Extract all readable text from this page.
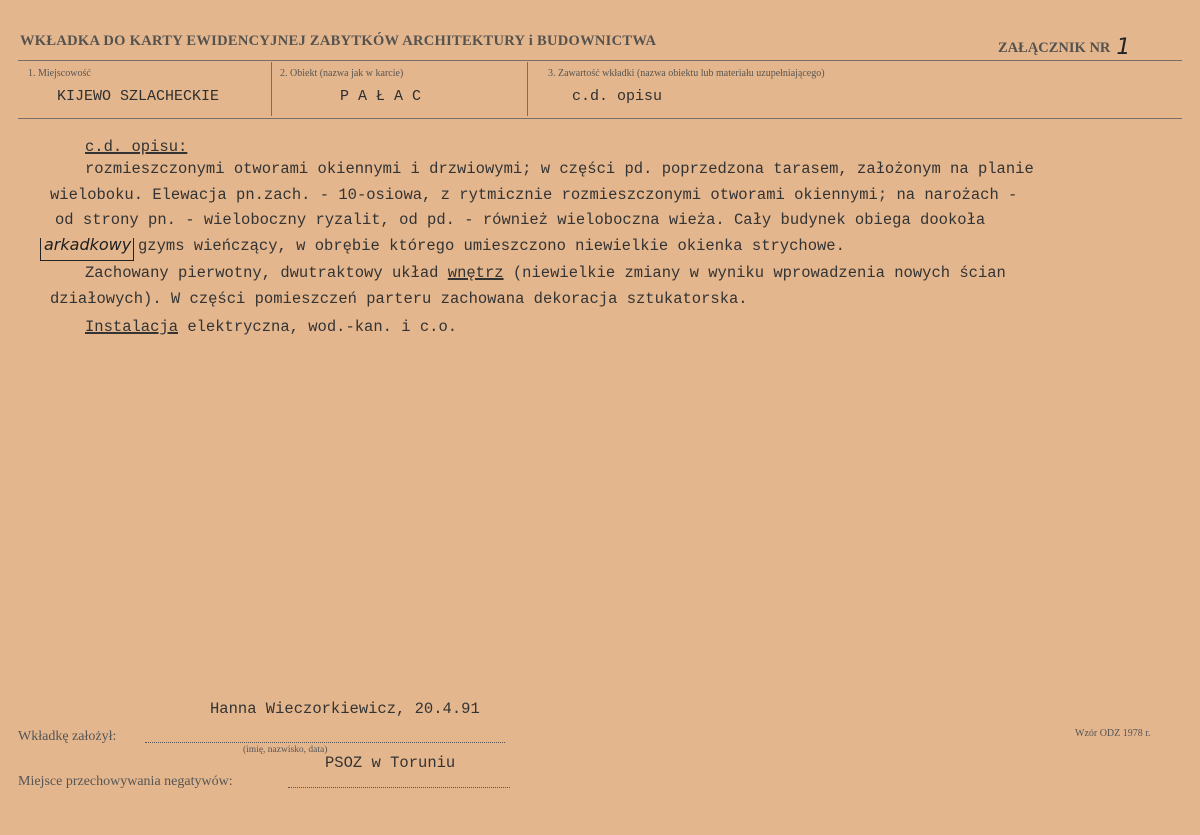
WKŁADKA DO KARTY EWIDENCYJNEJ ZABYTKÓW ARCHITEKTURY i BUDOWNICTWA	ZAŁĄCZNIK NR 1
1. Miejscowość
KIJEWO SZLACHECKIE
2. Obiekt (nazwa jak w karcie)
P A Ł A C
3. Zawartość wkładki (nazwa obiektu lub materiału uzupełniającego)
c.d. opisu
c.d. opisu:
rozmieszczonymi otworami okiennymi i drzwiowymi; w części pd. poprzedzona tarasem, założonym na planie
wieloboku. Elewacja pn.zach. - 10-osiowa, z rytmicznie rozmieszczonymi otworami okiennymi; na narożach -
od strony pn. - wieloboczny ryzalit, od pd. - również wieloboczna wieża. Cały budynek obiega dookoła
arkadkowy gzyms wieńczący, w obrębie którego umieszczono niewielkie okienka strychowe.
Zachowany pierwotny, dwutraktowy układ wnętrz (niewielkie zmiany w wyniku wprowadzenia nowych ścian
działowych). W części pomieszczeń parteru zachowana dekoracja sztukatorska.
Instalacja elektryczna, wod.-kan. i c.o.
Hanna Wieczorkiewicz, 20.4.91
Wkładkę założył:
(imię, nazwisko, data)
PSOZ w Toruniu
Miejsce przechowywania negatywów:
Wzór ODZ 1978 r.
